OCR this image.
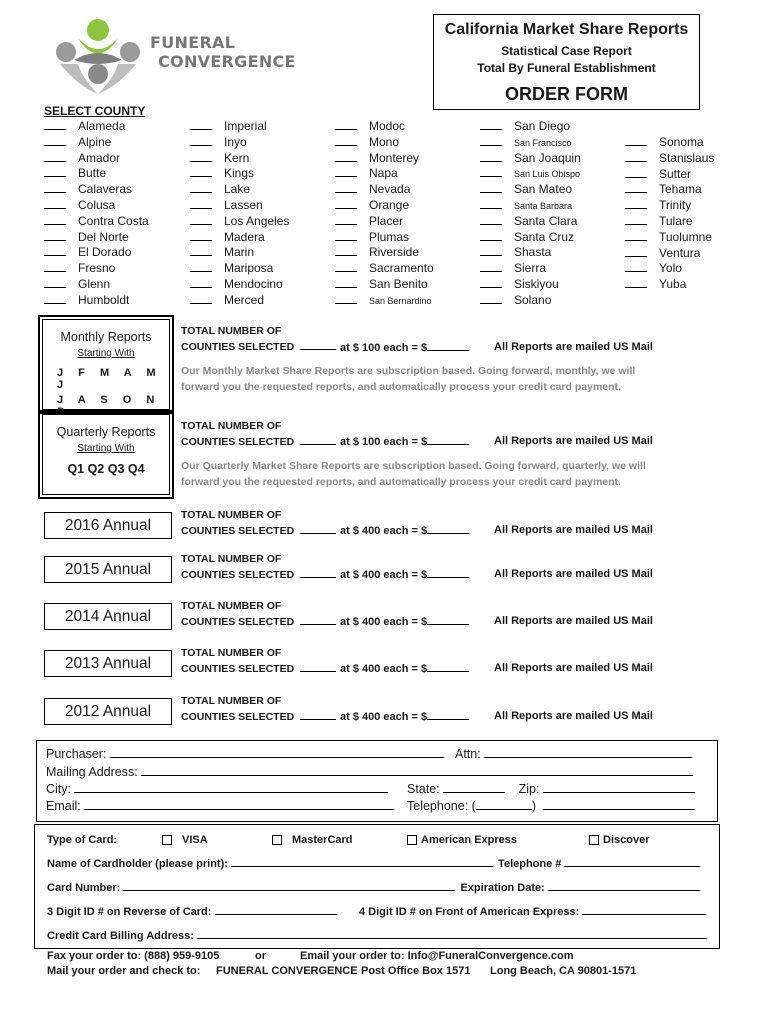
FUNERAL
CONVERGENCE
California Market Share Reports
Statistical Case Report
Total By Funeral Establishment
ORDER FORM
SELECT COUNTY
Alameda
Alpine
Amador
Butte
Calaveras
Colusa
Contra Costa
Del Norte
El Dorado
Fresno
Glenn
Humboldt
Imperial
Inyo
Kern
Kings
Lake
Lassen
Los Angeles
Madera
Marin
Mariposa
Mendocino
Merced
Modoc
Mono
Monterey
Napa
Nevada
Orange
Placer
Plumas
Riverside
Sacramento
San Benito
San Bernardino
San Diego
San Francisco
San Joaquin
San Luis Obispo
San Mateo
Santa Barbara
Santa Clara
Santa Cruz
Shasta
Sierra
Siskiyou
Solano
Sonoma
Stanislaus
Sutter
Tehama
Trinity
Tulare
Tuolumne
Ventura
Yolo
Yuba
Monthly Reports
Starting With
J F M A M J
J A S O N D
TOTAL NUMBER OF
COUNTIES SELECTED	at $ 100 each = $	All Reports are mailed US Mail
Our Monthly Market Share Reports are subscription based. Going forward, monthly, we will
forward you the requested reports, and automatically process your credit card payment.
Quarterly Reports
Starting With
Q1 Q2 Q3 Q4
TOTAL NUMBER OF
COUNTIES SELECTED	at $ 100 each = $	All Reports are mailed US Mail
Our Quarterly Market Share Reports are subscription based. Going forward, quarterly, we will
forward you the requested reports, and automatically process your credit card payment.
2016 Annual
TOTAL NUMBER OF
COUNTIES SELECTED	at $ 400 each = $	All Reports are mailed US Mail
2015 Annual
TOTAL NUMBER OF
COUNTIES SELECTED	at $ 400 each = $	All Reports are mailed US Mail
2014 Annual
TOTAL NUMBER OF
COUNTIES SELECTED	at $ 400 each = $	All Reports are mailed US Mail
2013 Annual
TOTAL NUMBER OF
COUNTIES SELECTED	at $ 400 each = $	All Reports are mailed US Mail
2012 Annual
TOTAL NUMBER OF
COUNTIES SELECTED	at $ 400 each = $	All Reports are mailed US Mail
Purchaser:	Attn:
Mailing Address:
City:	State:	Zip:
Email:	Telephone: (	)
Type of Card:	VISA	MasterCard	American Express	Discover
Name of Cardholder (please print):	Telephone #
Card Number:	Expiration Date:
3 Digit ID # on Reverse of Card:	4 Digit ID # on Front of American Express:
Credit Card Billing Address:
Fax your order to: (888) 959-9105	or	Email your order to: Info@FuneralConvergence.com
Mail your order and check to: FUNERAL CONVERGENCE Post Office Box 1571 Long Beach, CA 90801-1571
